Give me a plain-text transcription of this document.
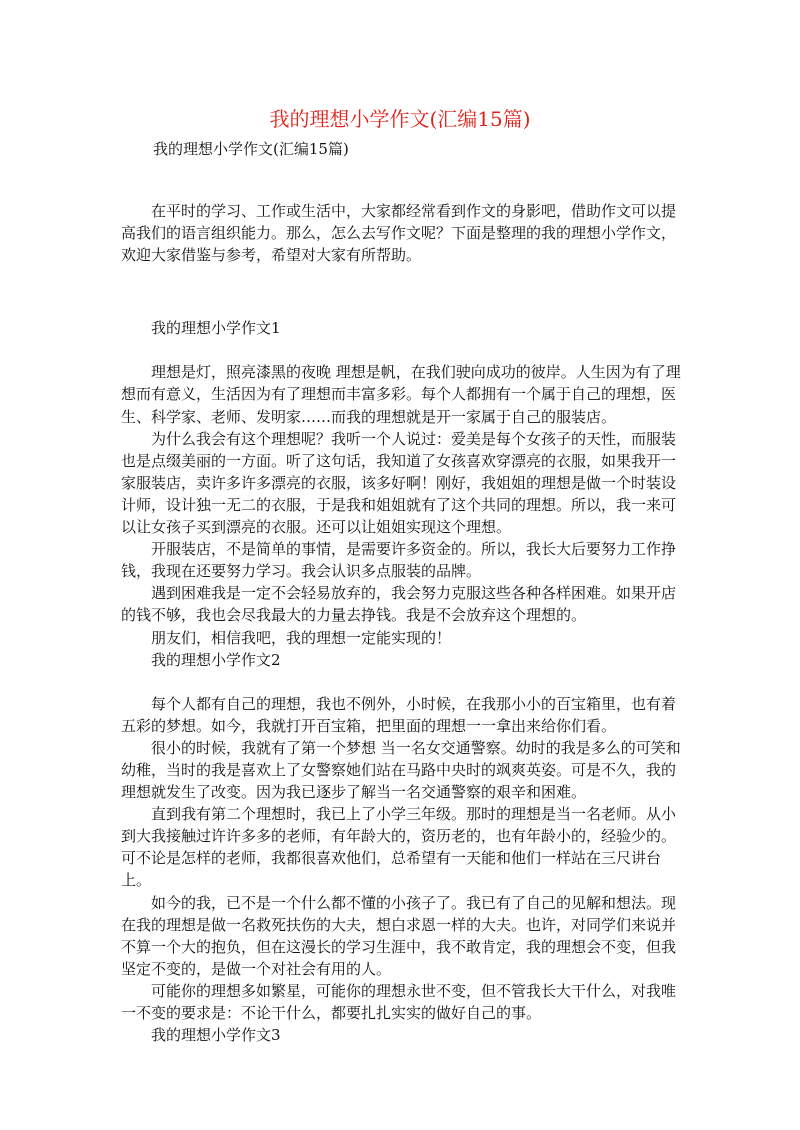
我的理想小学作文(汇编15篇)

我的理想小学作文(汇编15篇)

在平时的学习、工作或生活中，大家都经常看到作文的身影吧，借助作文可以提高我们的语言组织能力。那么，怎么去写作文呢？下面是整理的我的理想小学作文，欢迎大家借鉴与参考，希望对大家有所帮助。

我的理想小学作文1

理想是灯，照亮漆黑的夜晚 理想是帆，在我们驶向成功的彼岸。人生因为有了理想而有意义，生活因为有了理想而丰富多彩。每个人都拥有一个属于自己的理想，医生、科学家、老师、发明家……而我的理想就是开一家属于自己的服装店。

为什么我会有这个理想呢？我听一个人说过：爱美是每个女孩子的天性，而服装也是点缀美丽的一方面。听了这句话，我知道了女孩喜欢穿漂亮的衣服，如果我开一家服装店，卖许多许多漂亮的衣服，该多好啊！刚好，我姐姐的理想是做一个时装设计师，设计独一无二的衣服，于是我和姐姐就有了这个共同的理想。所以，我一来可以让女孩子买到漂亮的衣服。还可以让姐姐实现这个理想。

开服装店，不是简单的事情，是需要许多资金的。所以，我长大后要努力工作挣钱，我现在还要努力学习。我会认识多点服装的品牌。

遇到困难我是一定不会轻易放弃的，我会努力克服这些各种各样困难。如果开店的钱不够，我也会尽我最大的力量去挣钱。我是不会放弃这个理想的。

朋友们，相信我吧，我的理想一定能实现的！

我的理想小学作文2

每个人都有自己的理想，我也不例外，小时候，在我那小小的百宝箱里，也有着五彩的梦想。如今，我就打开百宝箱，把里面的理想一一拿出来给你们看。

很小的时候，我就有了第一个梦想 当一名女交通警察。幼时的我是多么的可笑和幼稚，当时的我是喜欢上了女警察她们站在马路中央时的飒爽英姿。可是不久，我的理想就发生了改变。因为我已逐步了解当一名交通警察的艰辛和困难。

直到我有第二个理想时，我已上了小学三年级。那时的理想是当一名老师。从小到大我接触过许许多多的老师，有年龄大的，资历老的，也有年龄小的，经验少的。可不论是怎样的老师，我都很喜欢他们，总希望有一天能和他们一样站在三尺讲台上。

如今的我，已不是一个什么都不懂的小孩子了。我已有了自己的见解和想法。现在我的理想是做一名救死扶伤的大夫，想白求恩一样的大夫。也许，对同学们来说并不算一个大的抱负，但在这漫长的学习生涯中，我不敢肯定，我的理想会不变，但我坚定不变的，是做一个对社会有用的人。

可能你的理想多如繁星，可能你的理想永世不变，但不管我长大干什么，对我唯一不变的要求是：不论干什么，都要扎扎实实的做好自己的事。

我的理想小学作文3
